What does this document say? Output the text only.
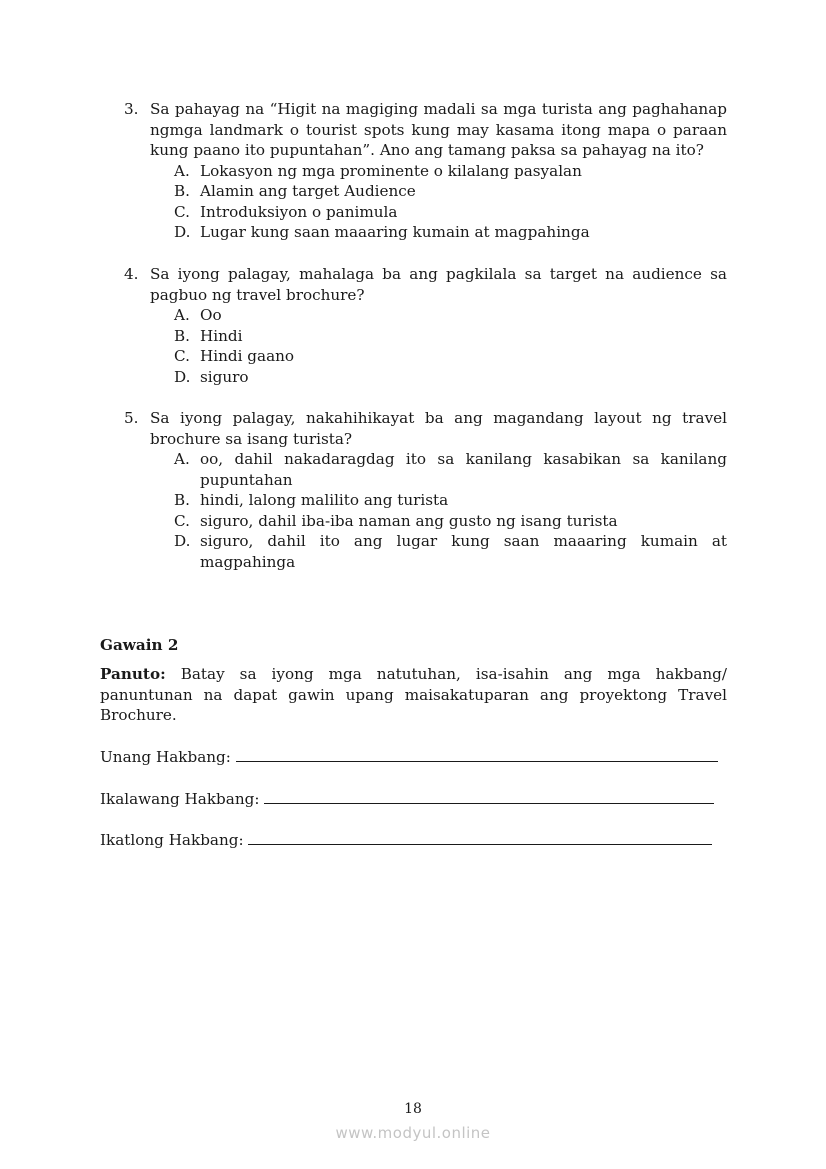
3. Sa pahayag na “Higit na magiging madali sa mga turista ang paghahanap ngmga landmark o tourist spots kung may kasama itong mapa o paraan kung paano ito pupuntahan”. Ano ang tamang paksa sa pahayag na ito?
A. Lokasyon ng mga prominente o kilalang pasyalan
B. Alamin ang target Audience
C. Introduksiyon o panimula
D. Lugar kung saan maaaring kumain at magpahinga
4. Sa iyong palagay, mahalaga ba ang pagkilala sa target na audience sa pagbuo ng travel brochure?
A. Oo
B. Hindi
C. Hindi gaano
D. siguro
5. Sa iyong palagay, nakahihikayat ba ang magandang layout ng travel brochure sa isang turista?
A. oo, dahil nakadaragdag ito sa kanilang kasabikan sa kanilang pupuntahan
B. hindi, lalong malilito ang turista
C. siguro, dahil iba-iba naman ang gusto ng isang turista
D. siguro, dahil ito ang lugar kung saan maaaring kumain at magpahinga
Gawain 2
Panuto: Batay sa iyong mga natutuhan, isa-isahin ang mga hakbang/ panuntunan na dapat gawin upang maisakatuparan ang proyektong Travel Brochure.
Unang Hakbang:
Ikalawang Hakbang:
Ikatlong Hakbang:
18
www.modyul.online
